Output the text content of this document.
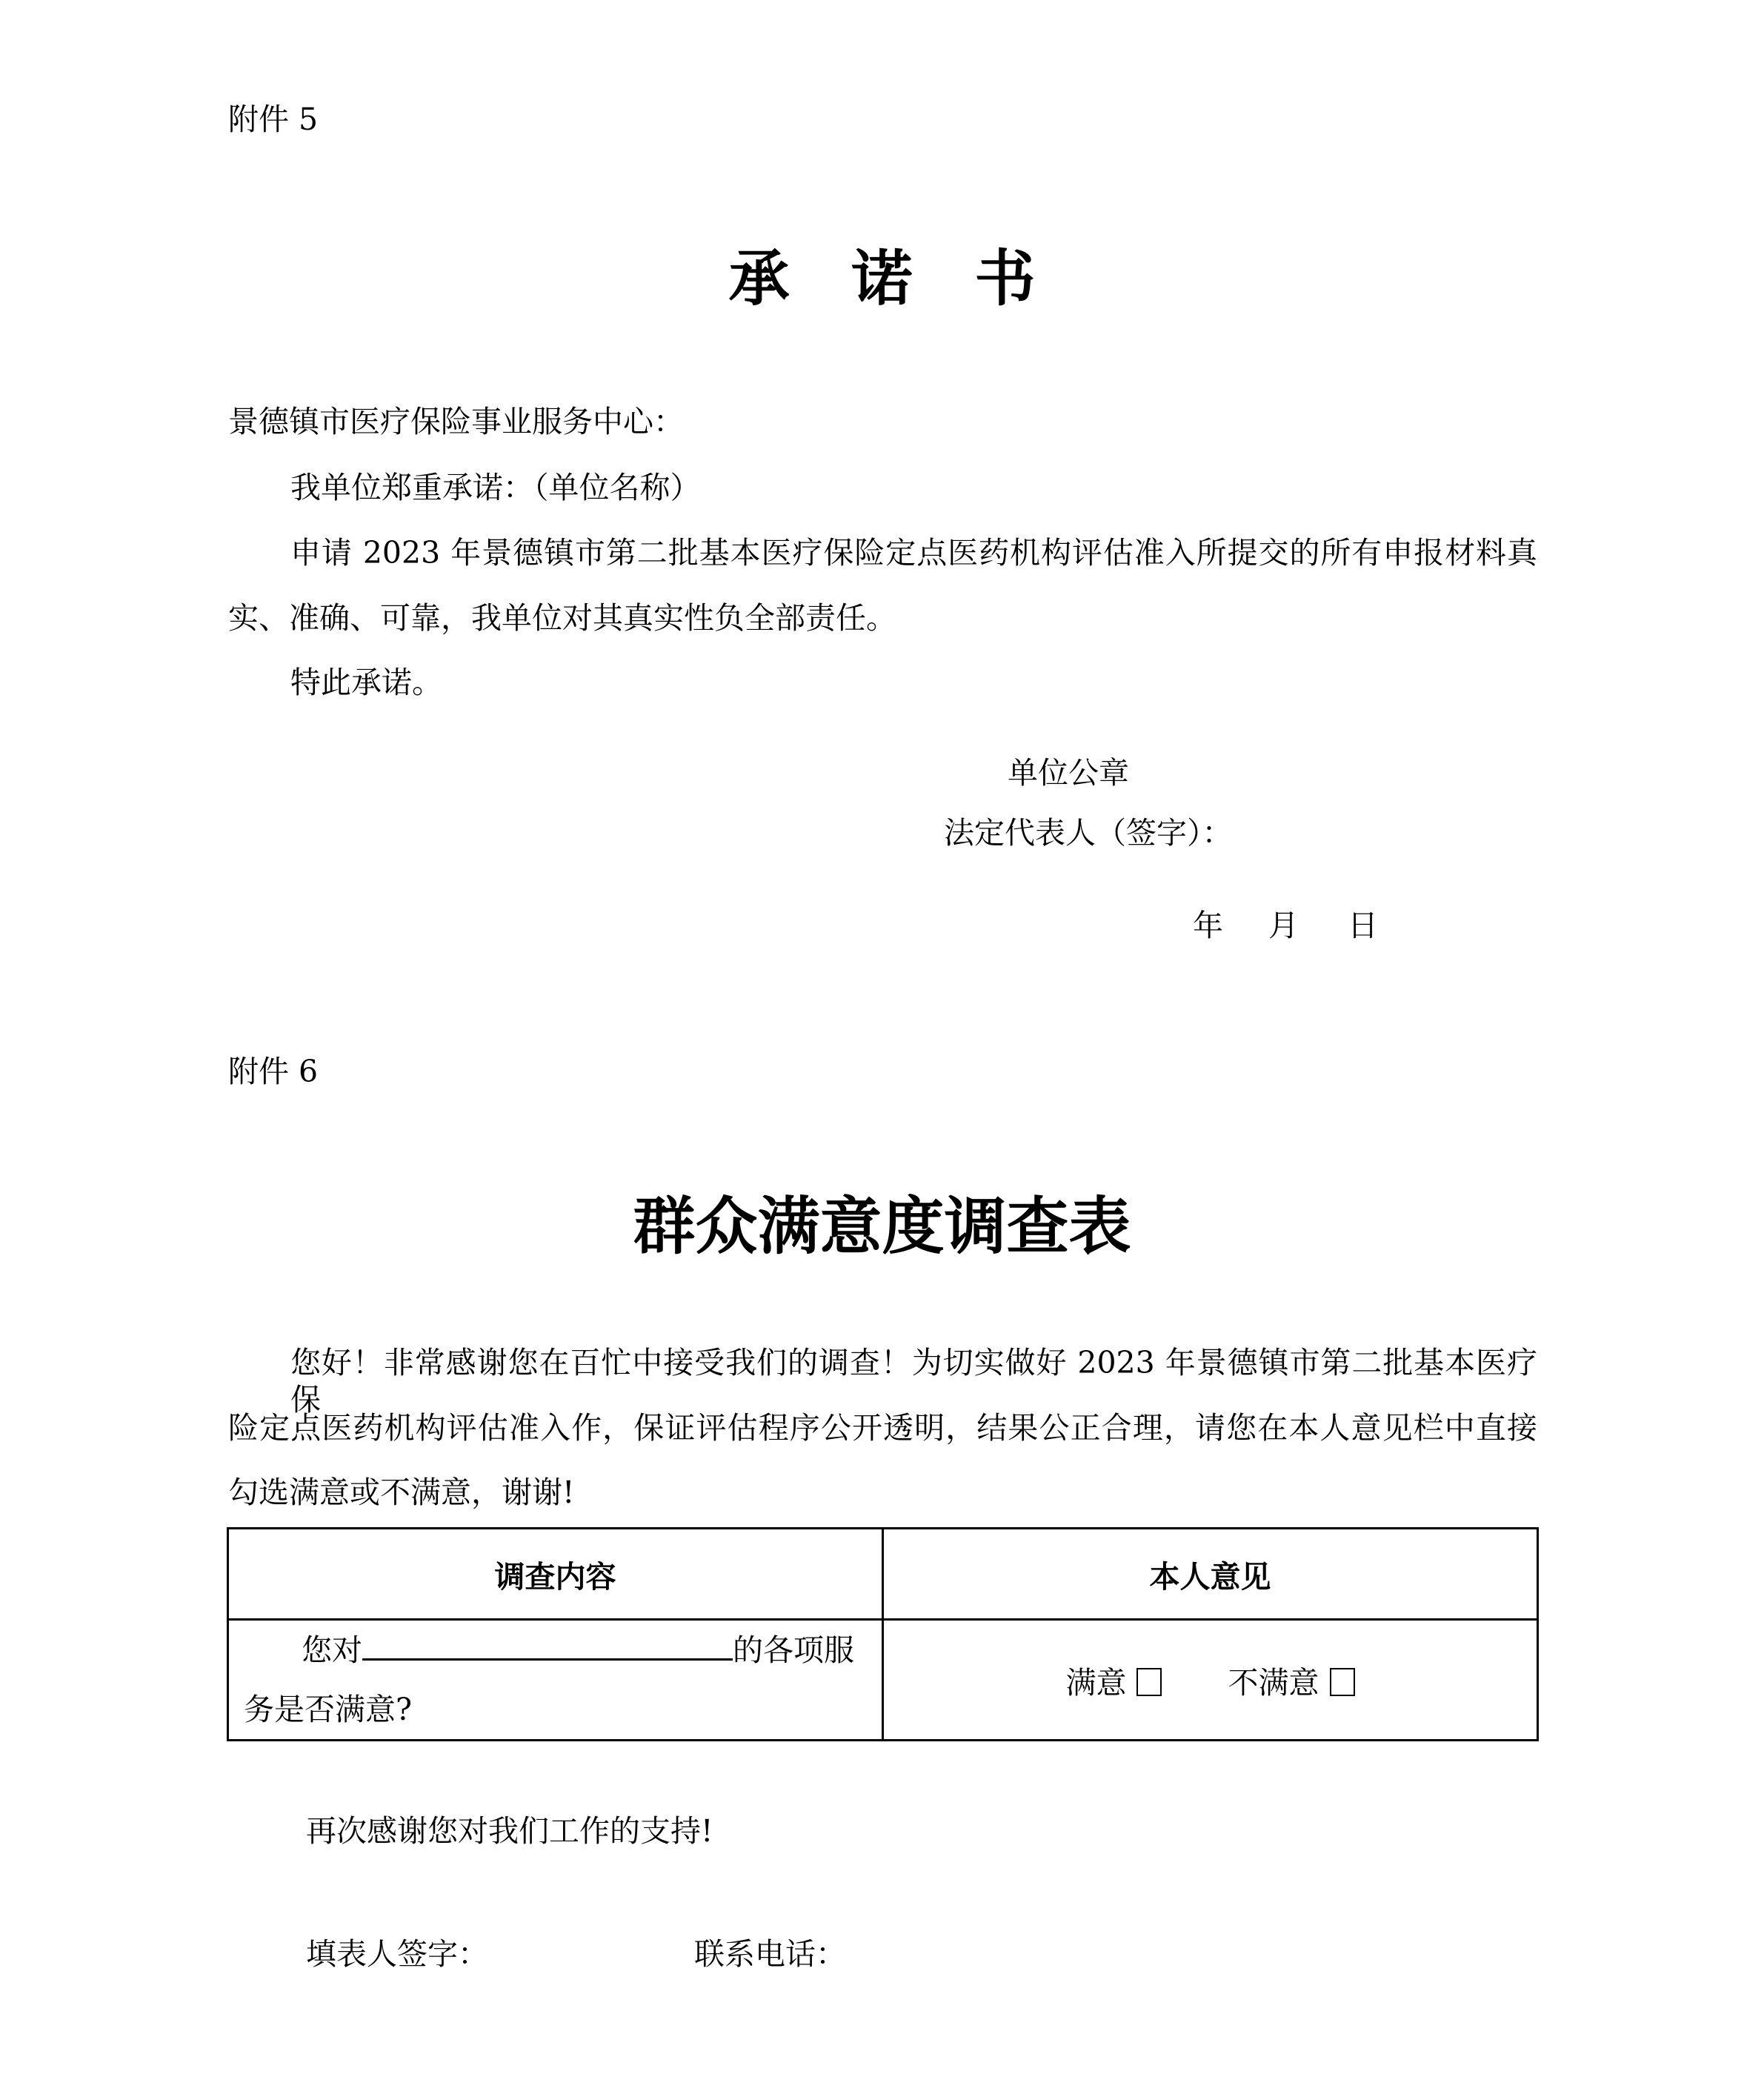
附件 5
承 诺 书
景德镇市医疗保险事业服务中心：
我单位郑重承诺：（单位名称）
申请 2023 年景德镇市第二批基本医疗保险定点医药机构评估准入所提交的所有申报材料真
实、准确、可靠，我单位对其真实性负全部责任。
特此承诺。
单位公章
法定代表人（签字）：
年 月 日
附件 6
群众满意度调查表
您好！非常感谢您在百忙中接受我们的调查！为切实做好 2023 年景德镇市第二批基本医疗保
险定点医药机构评估准入作，保证评估程序公开透明，结果公正合理，请您在本人意见栏中直接
勾选满意或不满意，谢谢!
调查内容	本人意见
您对 的各项服
务是否满意?	满意 不满意
再次感谢您对我们工作的支持!
填表人签字：	联系电话：
